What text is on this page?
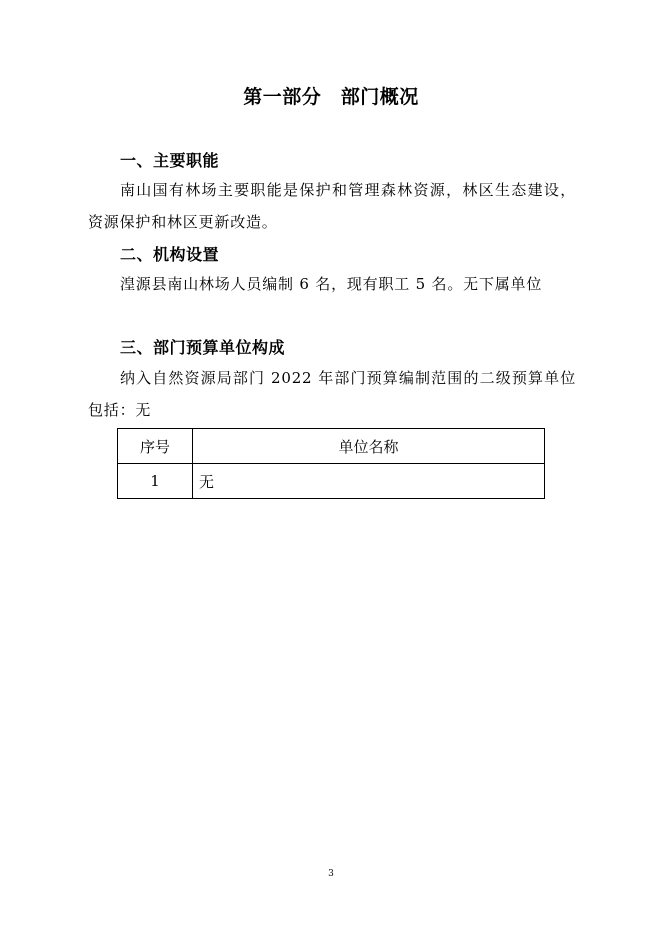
第一部分　部门概况
一、主要职能

南山国有林场主要职能是保护和管理森林资源，林区生态建设，资源保护和林区更新改造。

二、机构设置

湟源县南山林场人员编制 6 名，现有职工 5 名。无下属单位

三、部门预算单位构成

纳入自然资源局部门 2022 年部门预算编制范围的二级预算单位包括：无

序号	单位名称
1	无
3
